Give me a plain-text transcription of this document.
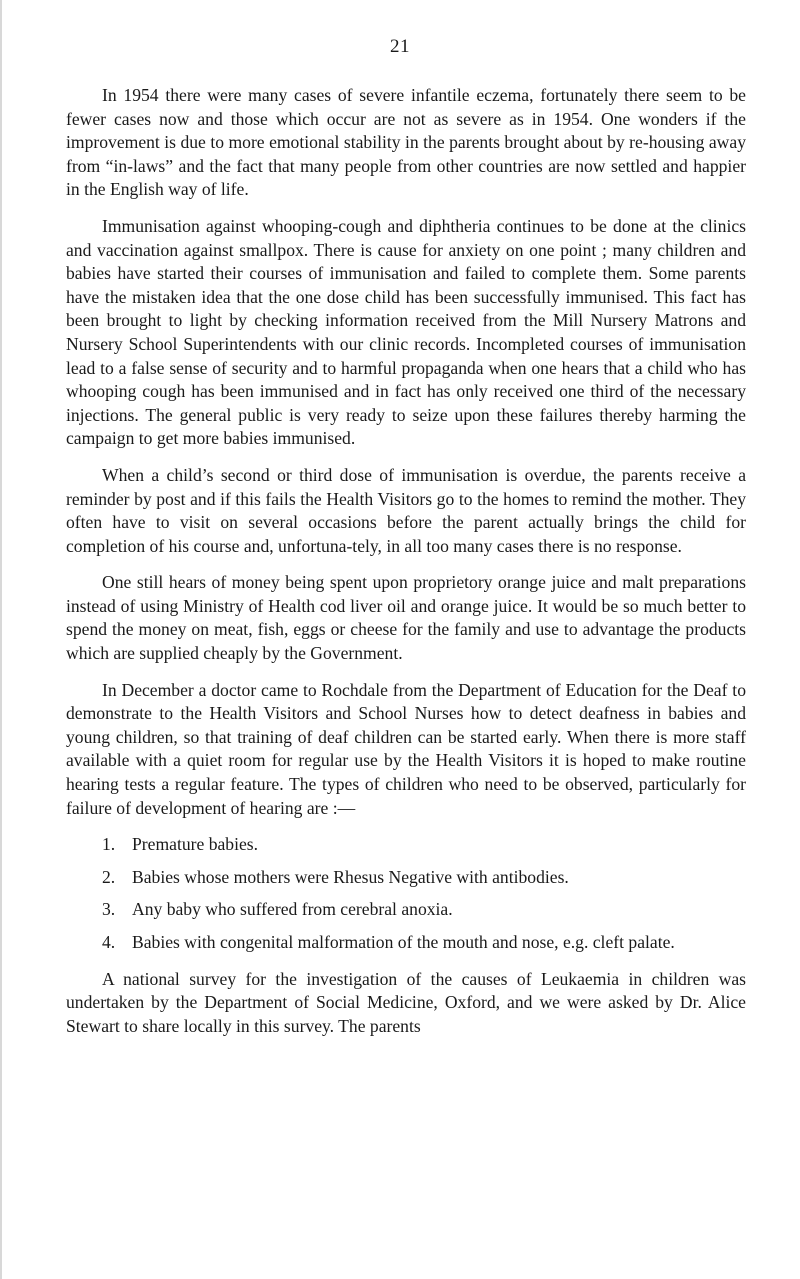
21

In 1954 there were many cases of severe infantile eczema, fortunately there seem to be fewer cases now and those which occur are not as severe as in 1954. One wonders if the improvement is due to more emotional stability in the parents brought about by re-housing away from “in-laws” and the fact that many people from other countries are now settled and happier in the English way of life.

Immunisation against whooping-cough and diphtheria continues to be done at the clinics and vaccination against smallpox. There is cause for anxiety on one point ; many children and babies have started their courses of immunisation and failed to complete them. Some parents have the mistaken idea that the one dose child has been successfully immunised. This fact has been brought to light by checking information received from the Mill Nursery Matrons and Nursery School Superintendents with our clinic records. Incompleted courses of immunisation lead to a false sense of security and to harmful propaganda when one hears that a child who has whooping cough has been immunised and in fact has only received one third of the necessary injections. The general public is very ready to seize upon these failures thereby harming the campaign to get more babies immunised.

When a child’s second or third dose of immunisation is overdue, the parents receive a reminder by post and if this fails the Health Visitors go to the homes to remind the mother. They often have to visit on several occasions before the parent actually brings the child for completion of his course and, unfortuna-tely, in all too many cases there is no response.

One still hears of money being spent upon proprietory orange juice and malt preparations instead of using Ministry of Health cod liver oil and orange juice. It would be so much better to spend the money on meat, fish, eggs or cheese for the family and use to advantage the products which are supplied cheaply by the Government.

In December a doctor came to Rochdale from the Department of Education for the Deaf to demonstrate to the Health Visitors and School Nurses how to detect deafness in babies and young children, so that training of deaf children can be started early. When there is more staff available with a quiet room for regular use by the Health Visitors it is hoped to make routine hearing tests a regular feature. The types of children who need to be observed, particularly for failure of development of hearing are :—

1. Premature babies.
2. Babies whose mothers were Rhesus Negative with antibodies.
3. Any baby who suffered from cerebral anoxia.
4. Babies with congenital malformation of the mouth and nose, e.g. cleft palate.

A national survey for the investigation of the causes of Leukaemia in children was undertaken by the Department of Social Medicine, Oxford, and we were asked by Dr. Alice Stewart to share locally in this survey. The parents
